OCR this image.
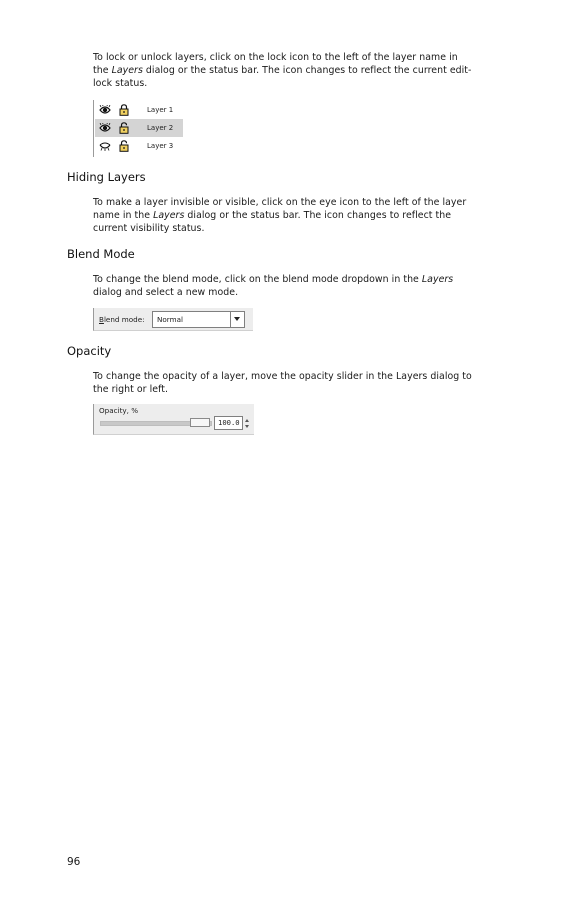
To lock or unlock layers, click on the lock icon to the left of the layer name in the Layers dialog or the status bar. The icon changes to reflect the current edit-lock status.

Layer 1
Layer 2
Layer 3
Hiding Layers

To make a layer invisible or visible, click on the eye icon to the left of the layer name in the Layers dialog or the status bar. The icon changes to reflect the current visibility status.

Blend Mode

To change the blend mode, click on the blend mode dropdown in the Layers dialog and select a new mode.

Blend mode: Normal
Opacity

To change the opacity of a layer, move the opacity slider in the Layers dialog to the right or left.

Opacity, %
100.0
96
